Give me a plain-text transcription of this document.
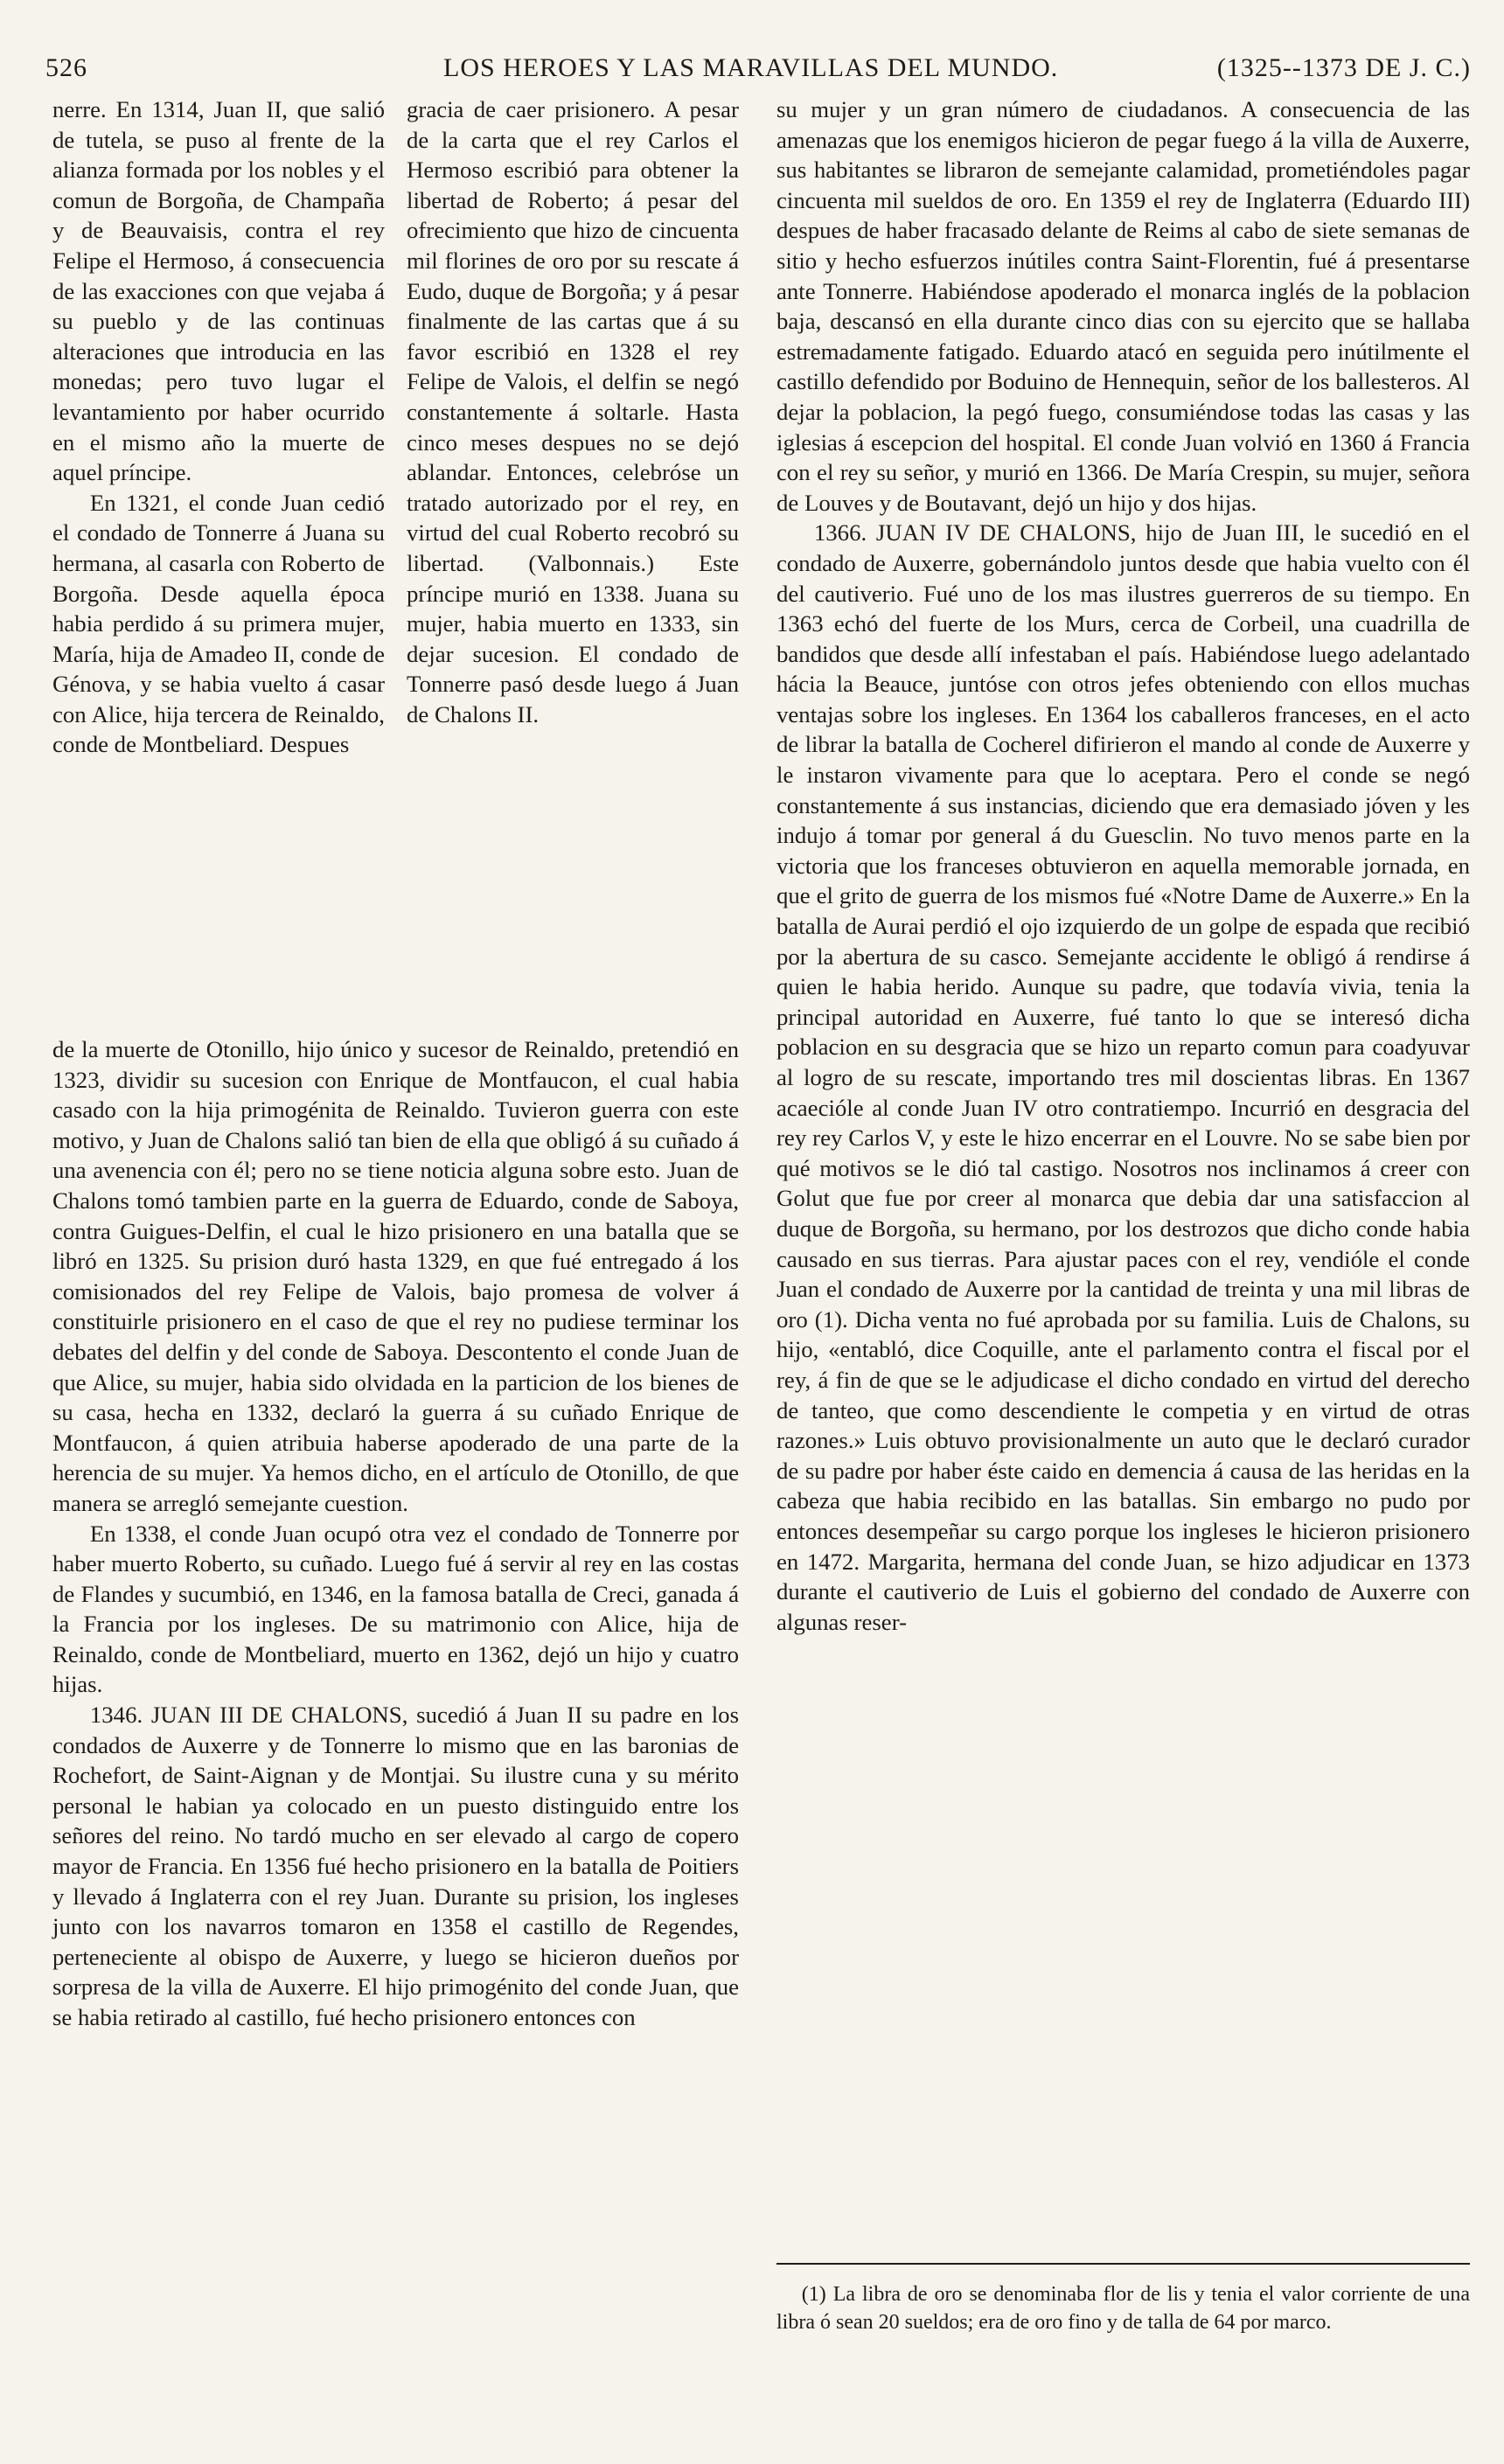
526	LOS HEROES Y LAS MARAVILLAS DEL MUNDO.	(1325--1373 DE J. C.)

nerre. En 1314, Juan II, que salió de tutela, se puso al frente de la alianza formada por los nobles y el comun de Borgoña, de Champaña y de Beauvaisis, contra el rey Felipe el Hermoso, á consecuencia de las exacciones con que vejaba á su pueblo y de las continuas alteraciones que introducia en las monedas; pero tuvo lugar el levantamiento por haber ocurrido en el mismo año la muerte de aquel príncipe.

En 1321, el conde Juan cedió el condado de Tonnerre á Juana su hermana, al casarla con Roberto de Borgoña. Desde aquella época habia perdido á su primera mujer, María, hija de Amadeo II, conde de Génova, y se habia vuelto á casar con Alice, hija tercera de Reinaldo, conde de Montbeliard. Despues

gracia de caer prisionero. A pesar de la carta que el rey Carlos el Hermoso escribió para obtener la libertad de Roberto; á pesar del ofrecimiento que hizo de cincuenta mil florines de oro por su rescate á Eudo, duque de Borgoña; y á pesar finalmente de las cartas que á su favor escribió en 1328 el rey Felipe de Valois, el delfin se negó constantemente á soltarle. Hasta cinco meses despues no se dejó ablandar. Entonces, celebróse un tratado autorizado por el rey, en virtud del cual Roberto recobró su libertad. (Valbonnais.) Este príncipe murió en 1338. Juana su mujer, habia muerto en 1333, sin dejar sucesion. El condado de Tonnerre pasó desde luego á Juan de Chalons II.

de la muerte de Otonillo, hijo único y sucesor de Reinaldo, pretendió en 1323, dividir su sucesion con Enrique de Montfaucon, el cual habia casado con la hija primogénita de Reinaldo. Tuvieron guerra con este motivo, y Juan de Chalons salió tan bien de ella que obligó á su cuñado á una avenencia con él; pero no se tiene noticia alguna sobre esto. Juan de Chalons tomó tambien parte en la guerra de Eduardo, conde de Saboya, contra Guigues-Delfin, el cual le hizo prisionero en una batalla que se libró en 1325. Su prision duró hasta 1329, en que fué entregado á los comisionados del rey Felipe de Valois, bajo promesa de volver á constituirle prisionero en el caso de que el rey no pudiese terminar los debates del delfin y del conde de Saboya. Descontento el conde Juan de que Alice, su mujer, habia sido olvidada en la particion de los bienes de su casa, hecha en 1332, declaró la guerra á su cuñado Enrique de Montfaucon, á quien atribuia haberse apoderado de una parte de la herencia de su mujer. Ya hemos dicho, en el artículo de Otonillo, de que manera se arregló semejante cuestion.

En 1338, el conde Juan ocupó otra vez el condado de Tonnerre por haber muerto Roberto, su cuñado. Luego fué á servir al rey en las costas de Flandes y sucumbió, en 1346, en la famosa batalla de Creci, ganada á la Francia por los ingleses. De su matrimonio con Alice, hija de Reinaldo, conde de Montbeliard, muerto en 1362, dejó un hijo y cuatro hijas.

1346. JUAN III DE CHALONS, sucedió á Juan II su padre en los condados de Auxerre y de Tonnerre lo mismo que en las baronias de Rochefort, de Saint-Aignan y de Montjai. Su ilustre cuna y su mérito personal le habian ya colocado en un puesto distinguido entre los señores del reino. No tardó mucho en ser elevado al cargo de copero mayor de Francia. En 1356 fué hecho prisionero en la batalla de Poitiers y llevado á Inglaterra con el rey Juan. Durante su prision, los ingleses junto con los navarros tomaron en 1358 el castillo de Regendes, perteneciente al obispo de Auxerre, y luego se hicieron dueños por sorpresa de la villa de Auxerre. El hijo primogénito del conde Juan, que se habia retirado al castillo, fué hecho prisionero entonces con

su mujer y un gran número de ciudadanos. A consecuencia de las amenazas que los enemigos hicieron de pegar fuego á la villa de Auxerre, sus habitantes se libraron de semejante calamidad, prometiéndoles pagar cincuenta mil sueldos de oro. En 1359 el rey de Inglaterra (Eduardo III) despues de haber fracasado delante de Reims al cabo de siete semanas de sitio y hecho esfuerzos inútiles contra Saint-Florentin, fué á presentarse ante Tonnerre. Habiéndose apoderado el monarca inglés de la poblacion baja, descansó en ella durante cinco dias con su ejercito que se hallaba estremadamente fatigado. Eduardo atacó en seguida pero inútilmente el castillo defendido por Boduino de Hennequin, señor de los ballesteros. Al dejar la poblacion, la pegó fuego, consumiéndose todas las casas y las iglesias á escepcion del hospital. El conde Juan volvió en 1360 á Francia con el rey su señor, y murió en 1366. De María Crespin, su mujer, señora de Louves y de Boutavant, dejó un hijo y dos hijas.

1366. JUAN IV DE CHALONS, hijo de Juan III, le sucedió en el condado de Auxerre, gobernándolo juntos desde que habia vuelto con él del cautiverio. Fué uno de los mas ilustres guerreros de su tiempo. En 1363 echó del fuerte de los Murs, cerca de Corbeil, una cuadrilla de bandidos que desde allí infestaban el país. Habiéndose luego adelantado hácia la Beauce, juntóse con otros jefes obteniendo con ellos muchas ventajas sobre los ingleses. En 1364 los caballeros franceses, en el acto de librar la batalla de Cocherel difirieron el mando al conde de Auxerre y le instaron vivamente para que lo aceptara. Pero el conde se negó constantemente á sus instancias, diciendo que era demasiado jóven y les indujo á tomar por general á du Guesclin. No tuvo menos parte en la victoria que los franceses obtuvieron en aquella memorable jornada, en que el grito de guerra de los mismos fué «Notre Dame de Auxerre.» En la batalla de Aurai perdió el ojo izquierdo de un golpe de espada que recibió por la abertura de su casco. Semejante accidente le obligó á rendirse á quien le habia herido. Aunque su padre, que todavía vivia, tenia la principal autoridad en Auxerre, fué tanto lo que se interesó dicha poblacion en su desgracia que se hizo un reparto comun para coadyuvar al logro de su rescate, importando tres mil doscientas libras. En 1367 acaecióle al conde Juan IV otro contratiempo. Incurrió en desgracia del rey rey Carlos V, y este le hizo encerrar en el Louvre. No se sabe bien por qué motivos se le dió tal castigo. Nosotros nos inclinamos á creer con Golut que fue por creer al monarca que debia dar una satisfaccion al duque de Borgoña, su hermano, por los destrozos que dicho conde habia causado en sus tierras. Para ajustar paces con el rey, vendióle el conde Juan el condado de Auxerre por la cantidad de treinta y una mil libras de oro (1). Dicha venta no fué aprobada por su familia. Luis de Chalons, su hijo, «entabló, dice Coquille, ante el parlamento contra el fiscal por el rey, á fin de que se le adjudicase el dicho condado en virtud del derecho de tanteo, que como descendiente le competia y en virtud de otras razones.» Luis obtuvo provisionalmente un auto que le declaró curador de su padre por haber éste caido en demencia á causa de las heridas en la cabeza que habia recibido en las batallas. Sin embargo no pudo por entonces desempeñar su cargo porque los ingleses le hicieron prisionero en 1472. Margarita, hermana del conde Juan, se hizo adjudicar en 1373 durante el cautiverio de Luis el gobierno del condado de Auxerre con algunas reser-

(1) La libra de oro se denominaba flor de lis y tenia el valor corriente de una libra ó sean 20 sueldos; era de oro fino y de talla de 64 por marco.
